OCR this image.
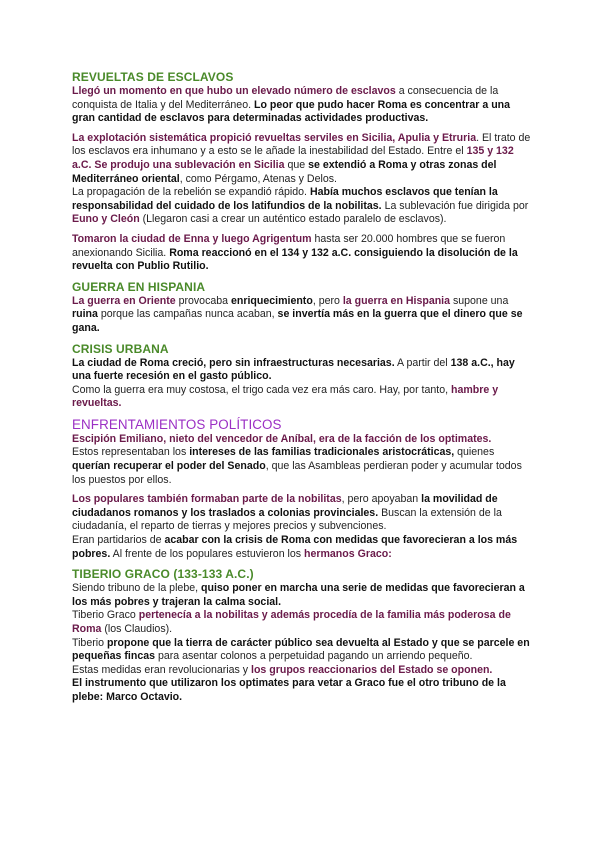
REVUELTAS DE ESCLAVOS

Llegó un momento en que hubo un elevado número de esclavos a consecuencia de la conquista de Italia y del Mediterráneo. Lo peor que pudo hacer Roma es concentrar a una gran cantidad de esclavos para determinadas actividades productivas.

La explotación sistemática propició revueltas serviles en Sicilia, Apulia y Etruria. El trato de los esclavos era inhumano y a esto se le añade la inestabilidad del Estado. Entre el 135 y 132 a.C. Se produjo una sublevación en Sicilia que se extendió a Roma y otras zonas del Mediterráneo oriental, como Pérgamo, Atenas y Delos.
La propagación de la rebelión se expandió rápido. Había muchos esclavos que tenían la responsabilidad del cuidado de los latifundios de la nobilitas. La sublevación fue dirigida por Euno y Cleón (Llegaron casi a crear un auténtico estado paralelo de esclavos).

Tomaron la ciudad de Enna y luego Agrigentum hasta ser 20.000 hombres que se fueron anexionando Sicilia. Roma reaccionó en el 134 y 132 a.C. consiguiendo la disolución de la revuelta con Publio Rutilio.

GUERRA EN HISPANIA

La guerra en Oriente provocaba enriquecimiento, pero la guerra en Hispania supone una ruina porque las campañas nunca acaban, se invertía más en la guerra que el dinero que se gana.

CRISIS URBANA

La ciudad de Roma creció, pero sin infraestructuras necesarias. A partir del 138 a.C., hay una fuerte recesión en el gasto público.
Como la guerra era muy costosa, el trigo cada vez era más caro. Hay, por tanto, hambre y revueltas.

ENFRENTAMIENTOS POLÍTICOS

Escipión Emiliano, nieto del vencedor de Aníbal, era de la facción de los optimates.
Estos representaban los intereses de las familias tradicionales aristocráticas, quienes querían recuperar el poder del Senado, que las Asambleas perdieran poder y acumular todos los puestos por ellos.

Los populares también formaban parte de la nobilitas, pero apoyaban la movilidad de ciudadanos romanos y los traslados a colonias provinciales. Buscan la extensión de la ciudadanía, el reparto de tierras y mejores precios y subvenciones.
Eran partidarios de acabar con la crisis de Roma con medidas que favorecieran a los más pobres. Al frente de los populares estuvieron los hermanos Graco:

TIBERIO GRACO (133-133 A.C.)

Siendo tribuno de la plebe, quiso poner en marcha una serie de medidas que favorecieran a los más pobres y trajeran la calma social.
Tiberio Graco pertenecía a la nobilitas y además procedía de la familia más poderosa de Roma (los Claudios).
Tiberio propone que la tierra de carácter público sea devuelta al Estado y que se parcele en pequeñas fincas para asentar colonos a perpetuidad pagando un arriendo pequeño.
Estas medidas eran revolucionarias y los grupos reaccionarios del Estado se oponen.
El instrumento que utilizaron los optimates para vetar a Graco fue el otro tribuno de la plebe: Marco Octavio.
